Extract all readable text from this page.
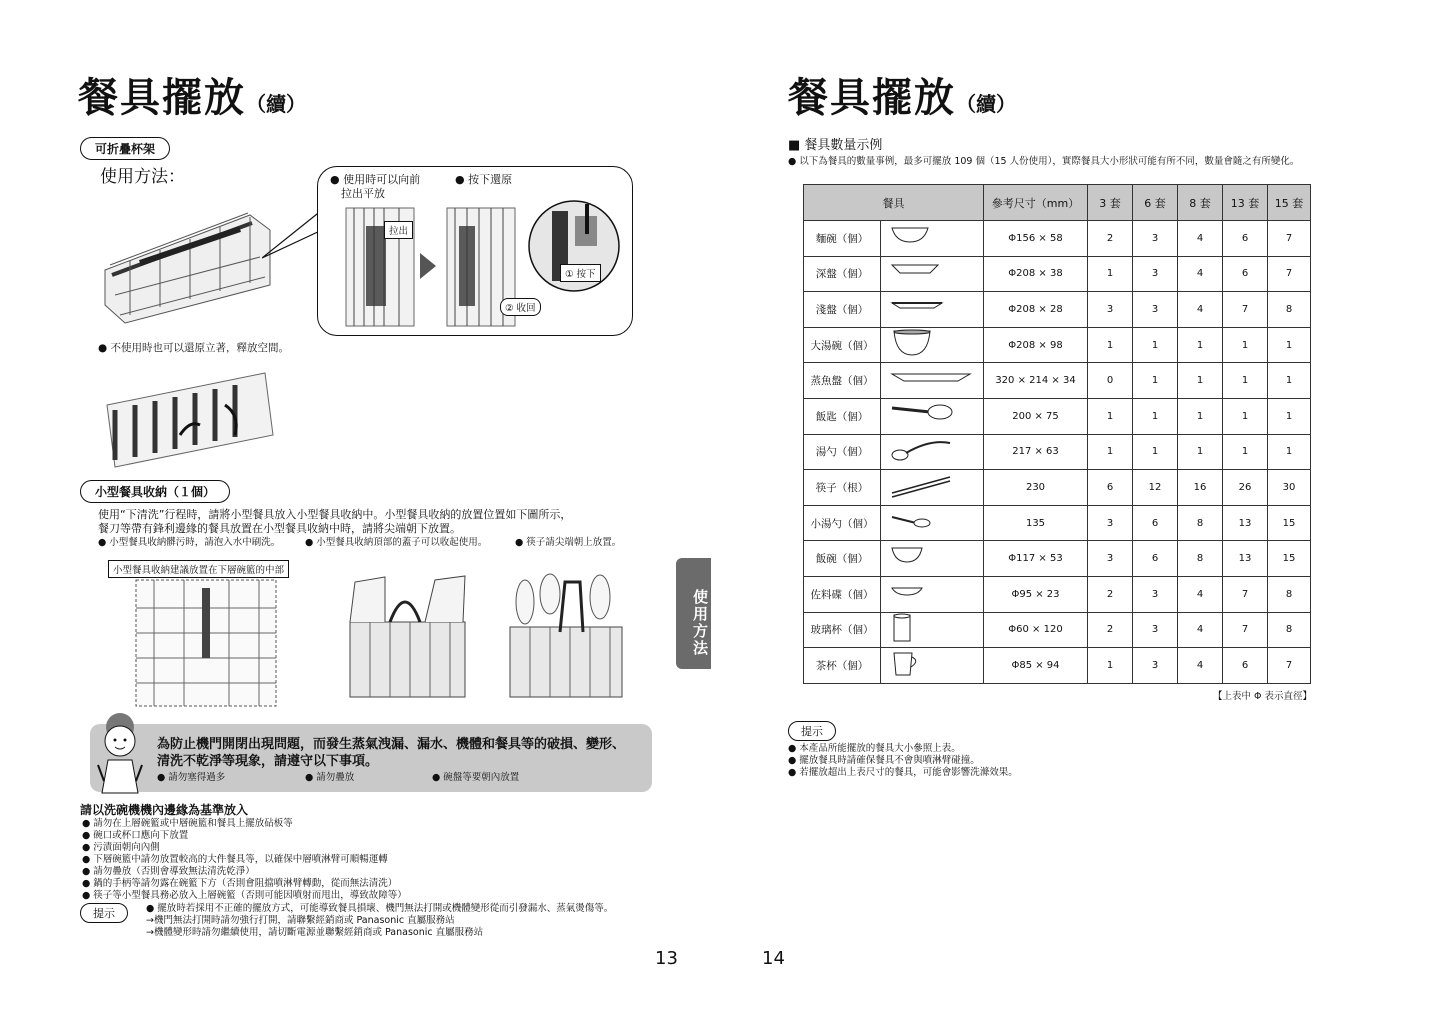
餐具擺放（續）
可折疊杯架
使用方法：	● 使用時可以向前
　拉出平放
● 按下還原
拉出
① 按下
② 收回
● 不使用時也可以還原立著，釋放空間。
小型餐具收納（１個）
使用“下清洗”行程時，請將小型餐具放入小型餐具收納中。小型餐具收納的放置位置如下圖所示，
餐刀等帶有鋒利邊緣的餐具放置在小型餐具收納中時，請將尖端朝下放置。
● 小型餐具收納髒污時，請泡入水中刷洗。	● 小型餐具收納頂部的蓋子可以收起使用。	● 筷子請尖端朝上放置。
小型餐具收納建議放置在下層碗籃的中部
為防止機門開閉出現問題，而發生蒸氣洩漏、漏水、機體和餐具等的破損、變形、
清洗不乾淨等現象，請遵守以下事項。
● 請勿塞得過多	● 請勿疊放	● 碗盤等要朝內放置
請以洗碗機機內邊緣為基準放入
● 請勿在上層碗籃或中層碗籃和餐具上擺放砧板等
● 碗口或杯口應向下放置
● 污漬面朝向內側
● 下層碗籃中請勿放置較高的大件餐具等，以確保中層噴淋臂可順暢運轉
● 請勿疊放（否則會導致無法清洗乾淨）
● 鍋的手柄等請勿露在碗籃下方（否則會阻擋噴淋臂轉動，從而無法清洗）
● 筷子等小型餐具務必放入上層碗籃（否則可能因噴射而甩出，導致故障等）
提示	● 擺放時若採用不正確的擺放方式，可能導致餐具損壞、機門無法打開或機體變形從而引發漏水、蒸氣燙傷等。
→機門無法打開時請勿強行打開，請聯繫經銷商或 Panasonic 直屬服務站
→機體變形時請勿繼續使用，請切斷電源並聯繫經銷商或 Panasonic 直屬服務站
使用方法
13
餐具擺放（續）
■ 餐具數量示例
● 以下為餐具的數量事例，最多可擺放 109 個（15 人份使用），實際餐具大小形狀可能有所不同，數量會隨之有所變化。
餐具		參考尺寸（mm）	3 套	6 套	8 套	13 套	15 套
麵碗（個）		Φ156 × 58	2	3	4	6	7
深盤（個）		Φ208 × 38	1	3	4	6	7
淺盤（個）		Φ208 × 28	3	3	4	7	8
大湯碗（個）		Φ208 × 98	1	1	1	1	1
蒸魚盤（個）		320 × 214 × 34	0	1	1	1	1
飯匙（個）		200 × 75	1	1	1	1	1
湯勺（個）		217 × 63	1	1	1	1	1
筷子（根）		230	6	12	16	26	30
小湯勺（個）		135	3	6	8	13	15
飯碗（個）		Φ117 × 53	3	6	8	13	15
佐料碟（個）		Φ95 × 23	2	3	4	7	8
玻璃杯（個）		Φ60 × 120	2	3	4	7	8
茶杯（個）		Φ85 × 94	1	3	4	6	7
【上表中 Φ 表示直徑】
提示
● 本產品所能擺放的餐具大小參照上表。
● 擺放餐具時請確保餐具不會與噴淋臂碰撞。
● 若擺放超出上表尺寸的餐具，可能會影響洗滌效果。
14
